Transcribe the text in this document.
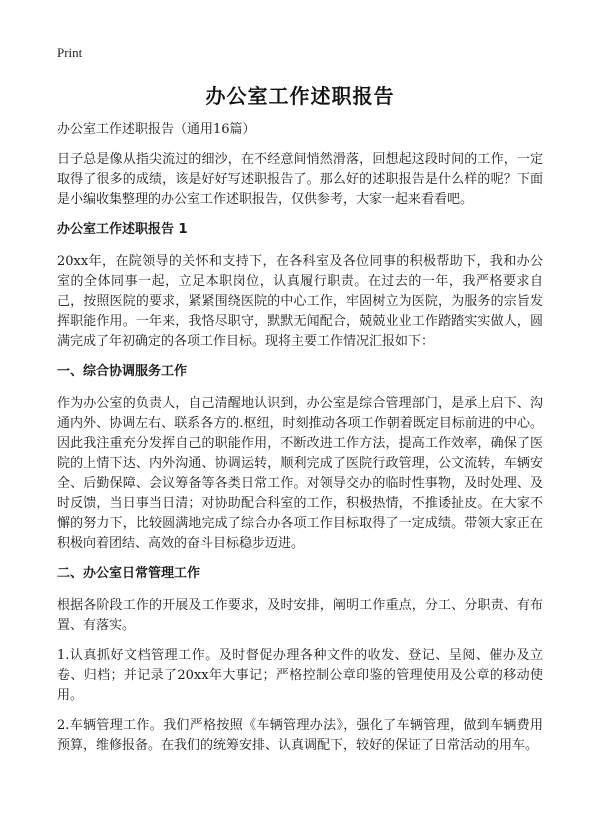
Print
办公室工作述职报告

办公室工作述职报告（通用16篇）

日子总是像从指尖流过的细沙，在不经意间悄然滑落，回想起这段时间的工作，一定取得了很多的成绩，该是好好写述职报告了。那么好的述职报告是什么样的呢？下面是小编收集整理的办公室工作述职报告，仅供参考，大家一起来看看吧。

办公室工作述职报告 1

20xx年，在院领导的关怀和支持下，在各科室及各位同事的积极帮助下，我和办公室的全体同事一起，立足本职岗位，认真履行职责。在过去的一年，我严格要求自己，按照医院的要求，紧紧围绕医院的中心工作，牢固树立为医院，为服务的宗旨发挥职能作用。一年来，我恪尽职守，默默无闻配合，兢兢业业工作踏踏实实做人，圆满完成了年初确定的各项工作目标。现将主要工作情况汇报如下：

一、综合协调服务工作

作为办公室的负责人，自己清醒地认识到，办公室是综合管理部门，是承上启下、沟通内外、协调左右、联系各方的.枢纽，时刻推动各项工作朝着既定目标前进的中心。因此我注重充分发挥自己的职能作用，不断改进工作方法，提高工作效率，确保了医院的上情下达、内外沟通、协调运转，顺利完成了医院行政管理，公文流转，车辆安全、后勤保障、会议筹备等各类日常工作。对领导交办的临时性事物，及时处理、及时反馈，当日事当日清；对协助配合科室的工作，积极热情，不推诿扯皮。在大家不懈的努力下，比较圆满地完成了综合办各项工作目标取得了一定成绩。带领大家正在积极向着团结、高效的奋斗目标稳步迈进。

二、办公室日常管理工作

根据各阶段工作的开展及工作要求，及时安排，阐明工作重点，分工、分职责、有布置、有落实。

1.认真抓好文档管理工作。及时督促办理各种文件的收发、登记、呈阅、催办及立卷、归档；并记录了20xx年大事记；严格控制公章印鉴的管理使用及公章的移动使用。

2.车辆管理工作。我们严格按照《车辆管理办法》，强化了车辆管理，做到车辆费用预算，维修报备。在我们的统筹安排、认真调配下，较好的保证了日常活动的用车。
